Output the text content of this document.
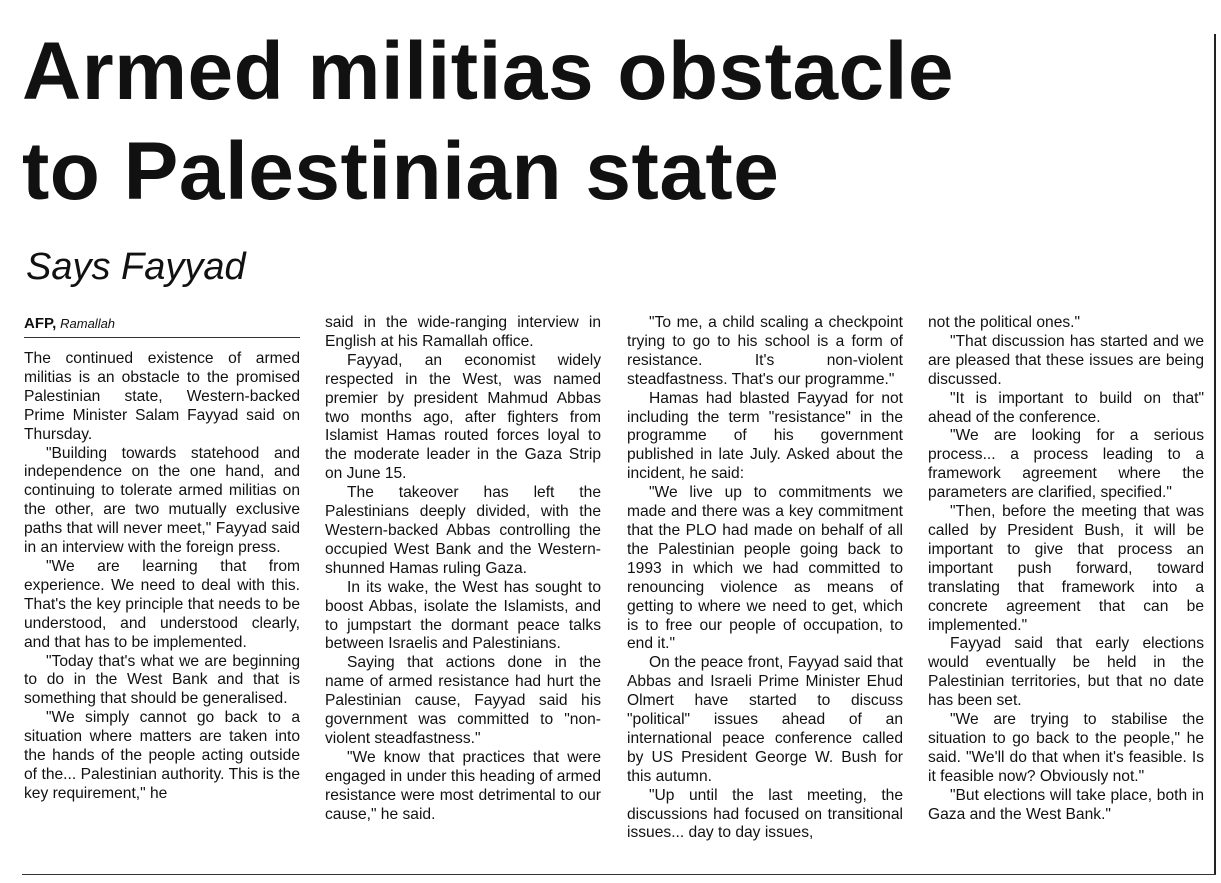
Armed militias obstacle
to Palestinian state
Says Fayyad
AFP, Ramallah

The continued existence of armed militias is an obstacle to the promised Palestinian state, Western-backed Prime Minister Salam Fayyad said on Thursday.

"Building towards statehood and independence on the one hand, and continuing to tolerate armed militias on the other, are two mutually exclusive paths that will never meet," Fayyad said in an interview with the foreign press.

"We are learning that from experience. We need to deal with this. That's the key principle that needs to be understood, and understood clearly, and that has to be implemented.

"Today that's what we are beginning to do in the West Bank and that is something that should be generalised.

"We simply cannot go back to a situation where matters are taken into the hands of the people acting outside of the... Palestinian authority. This is the key requirement," he

said in the wide-ranging interview in English at his Ramallah office.

Fayyad, an economist widely respected in the West, was named premier by president Mahmud Abbas two months ago, after fighters from Islamist Hamas routed forces loyal to the moderate leader in the Gaza Strip on June 15.

The takeover has left the Palestinians deeply divided, with the Western-backed Abbas controlling the occupied West Bank and the Western-shunned Hamas ruling Gaza.

In its wake, the West has sought to boost Abbas, isolate the Islamists, and to jumpstart the dormant peace talks between Israelis and Palestinians.

Saying that actions done in the name of armed resistance had hurt the Palestinian cause, Fayyad said his government was committed to "non-violent steadfastness."

"We know that practices that were engaged in under this heading of armed resistance were most detrimental to our cause," he said.

"To me, a child scaling a checkpoint trying to go to his school is a form of resistance. It's non-violent steadfastness. That's our programme."

Hamas had blasted Fayyad for not including the term "resistance" in the programme of his government published in late July. Asked about the incident, he said:

"We live up to commitments we made and there was a key commitment that the PLO had made on behalf of all the Palestinian people going back to 1993 in which we had committed to renouncing violence as means of getting to where we need to get, which is to free our people of occupation, to end it."

On the peace front, Fayyad said that Abbas and Israeli Prime Minister Ehud Olmert have started to discuss "political" issues ahead of an international peace conference called by US President George W. Bush for this autumn.

"Up until the last meeting, the discussions had focused on transitional issues... day to day issues,

not the political ones."

"That discussion has started and we are pleased that these issues are being discussed.

"It is important to build on that" ahead of the conference.

"We are looking for a serious process... a process leading to a framework agreement where the parameters are clarified, specified."

"Then, before the meeting that was called by President Bush, it will be important to give that process an important push forward, toward translating that framework into a concrete agreement that can be implemented."

Fayyad said that early elections would eventually be held in the Palestinian territories, but that no date has been set.

"We are trying to stabilise the situation to go back to the people," he said. "We'll do that when it's feasible. Is it feasible now? Obviously not."

"But elections will take place, both in Gaza and the West Bank."
